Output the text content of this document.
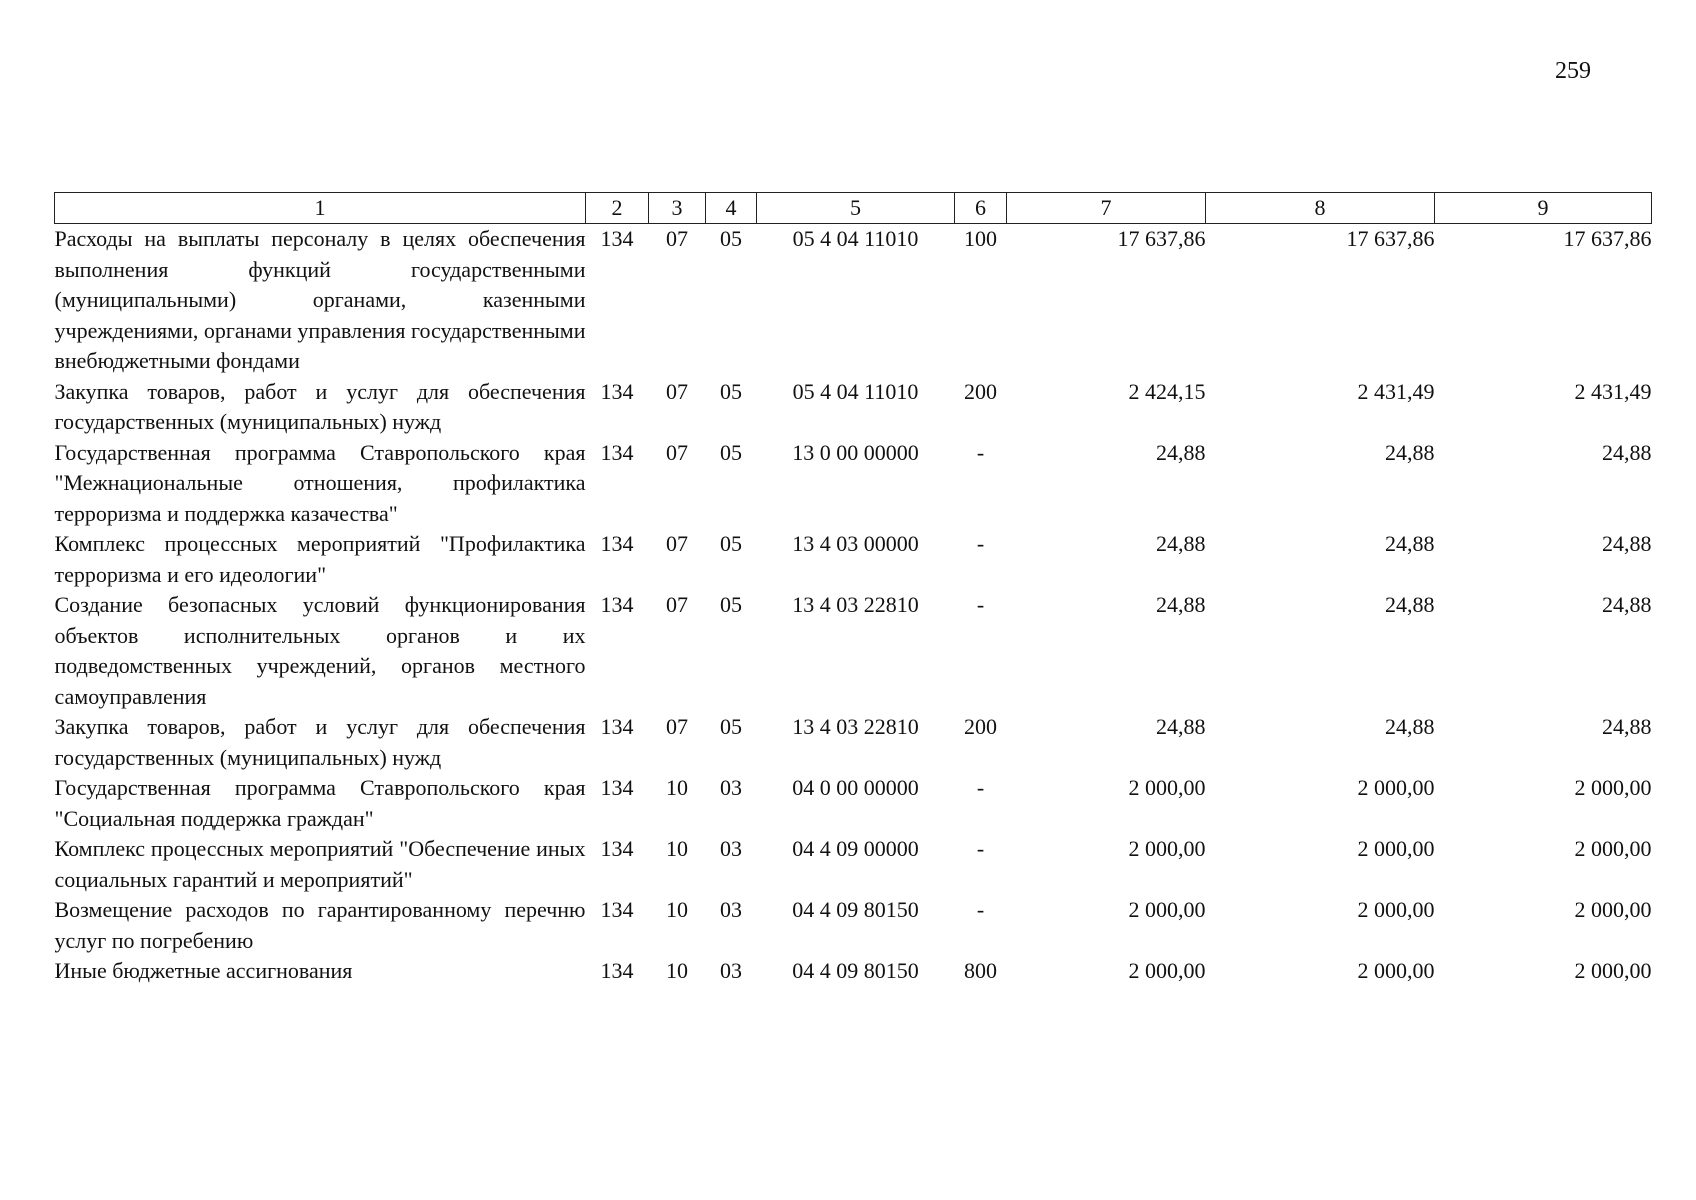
259
1	2	3	4	5	6	7	8	9
Расходы на выплаты персоналу в целях обеспечения выполнения функций государственными (муниципальными) органами, казенными учреждениями, органами управления государственными внебюджетными фондами	134	07	05	05 4 04 11010	100	17 637,86	17 637,86	17 637,86
Закупка товаров, работ и услуг для обеспечения государственных (муниципальных) нужд	134	07	05	05 4 04 11010	200	2 424,15	2 431,49	2 431,49
Государственная программа Ставропольского края "Межнациональные отношения, профилактика терроризма и поддержка казачества"	134	07	05	13 0 00 00000	-	24,88	24,88	24,88
Комплекс процессных мероприятий "Профилактика терроризма и его идеологии"	134	07	05	13 4 03 00000	-	24,88	24,88	24,88
Создание безопасных условий функционирования объектов исполнительных органов и их подведомственных учреждений, органов местного самоуправления	134	07	05	13 4 03 22810	-	24,88	24,88	24,88
Закупка товаров, работ и услуг для обеспечения государственных (муниципальных) нужд	134	07	05	13 4 03 22810	200	24,88	24,88	24,88
Государственная программа Ставропольского края "Социальная поддержка граждан"	134	10	03	04 0 00 00000	-	2 000,00	2 000,00	2 000,00
Комплекс процессных мероприятий "Обеспечение иных социальных гарантий и мероприятий"	134	10	03	04 4 09 00000	-	2 000,00	2 000,00	2 000,00
Возмещение расходов по гарантированному перечню услуг по погребению	134	10	03	04 4 09 80150	-	2 000,00	2 000,00	2 000,00
Иные бюджетные ассигнования	134	10	03	04 4 09 80150	800	2 000,00	2 000,00	2 000,00
